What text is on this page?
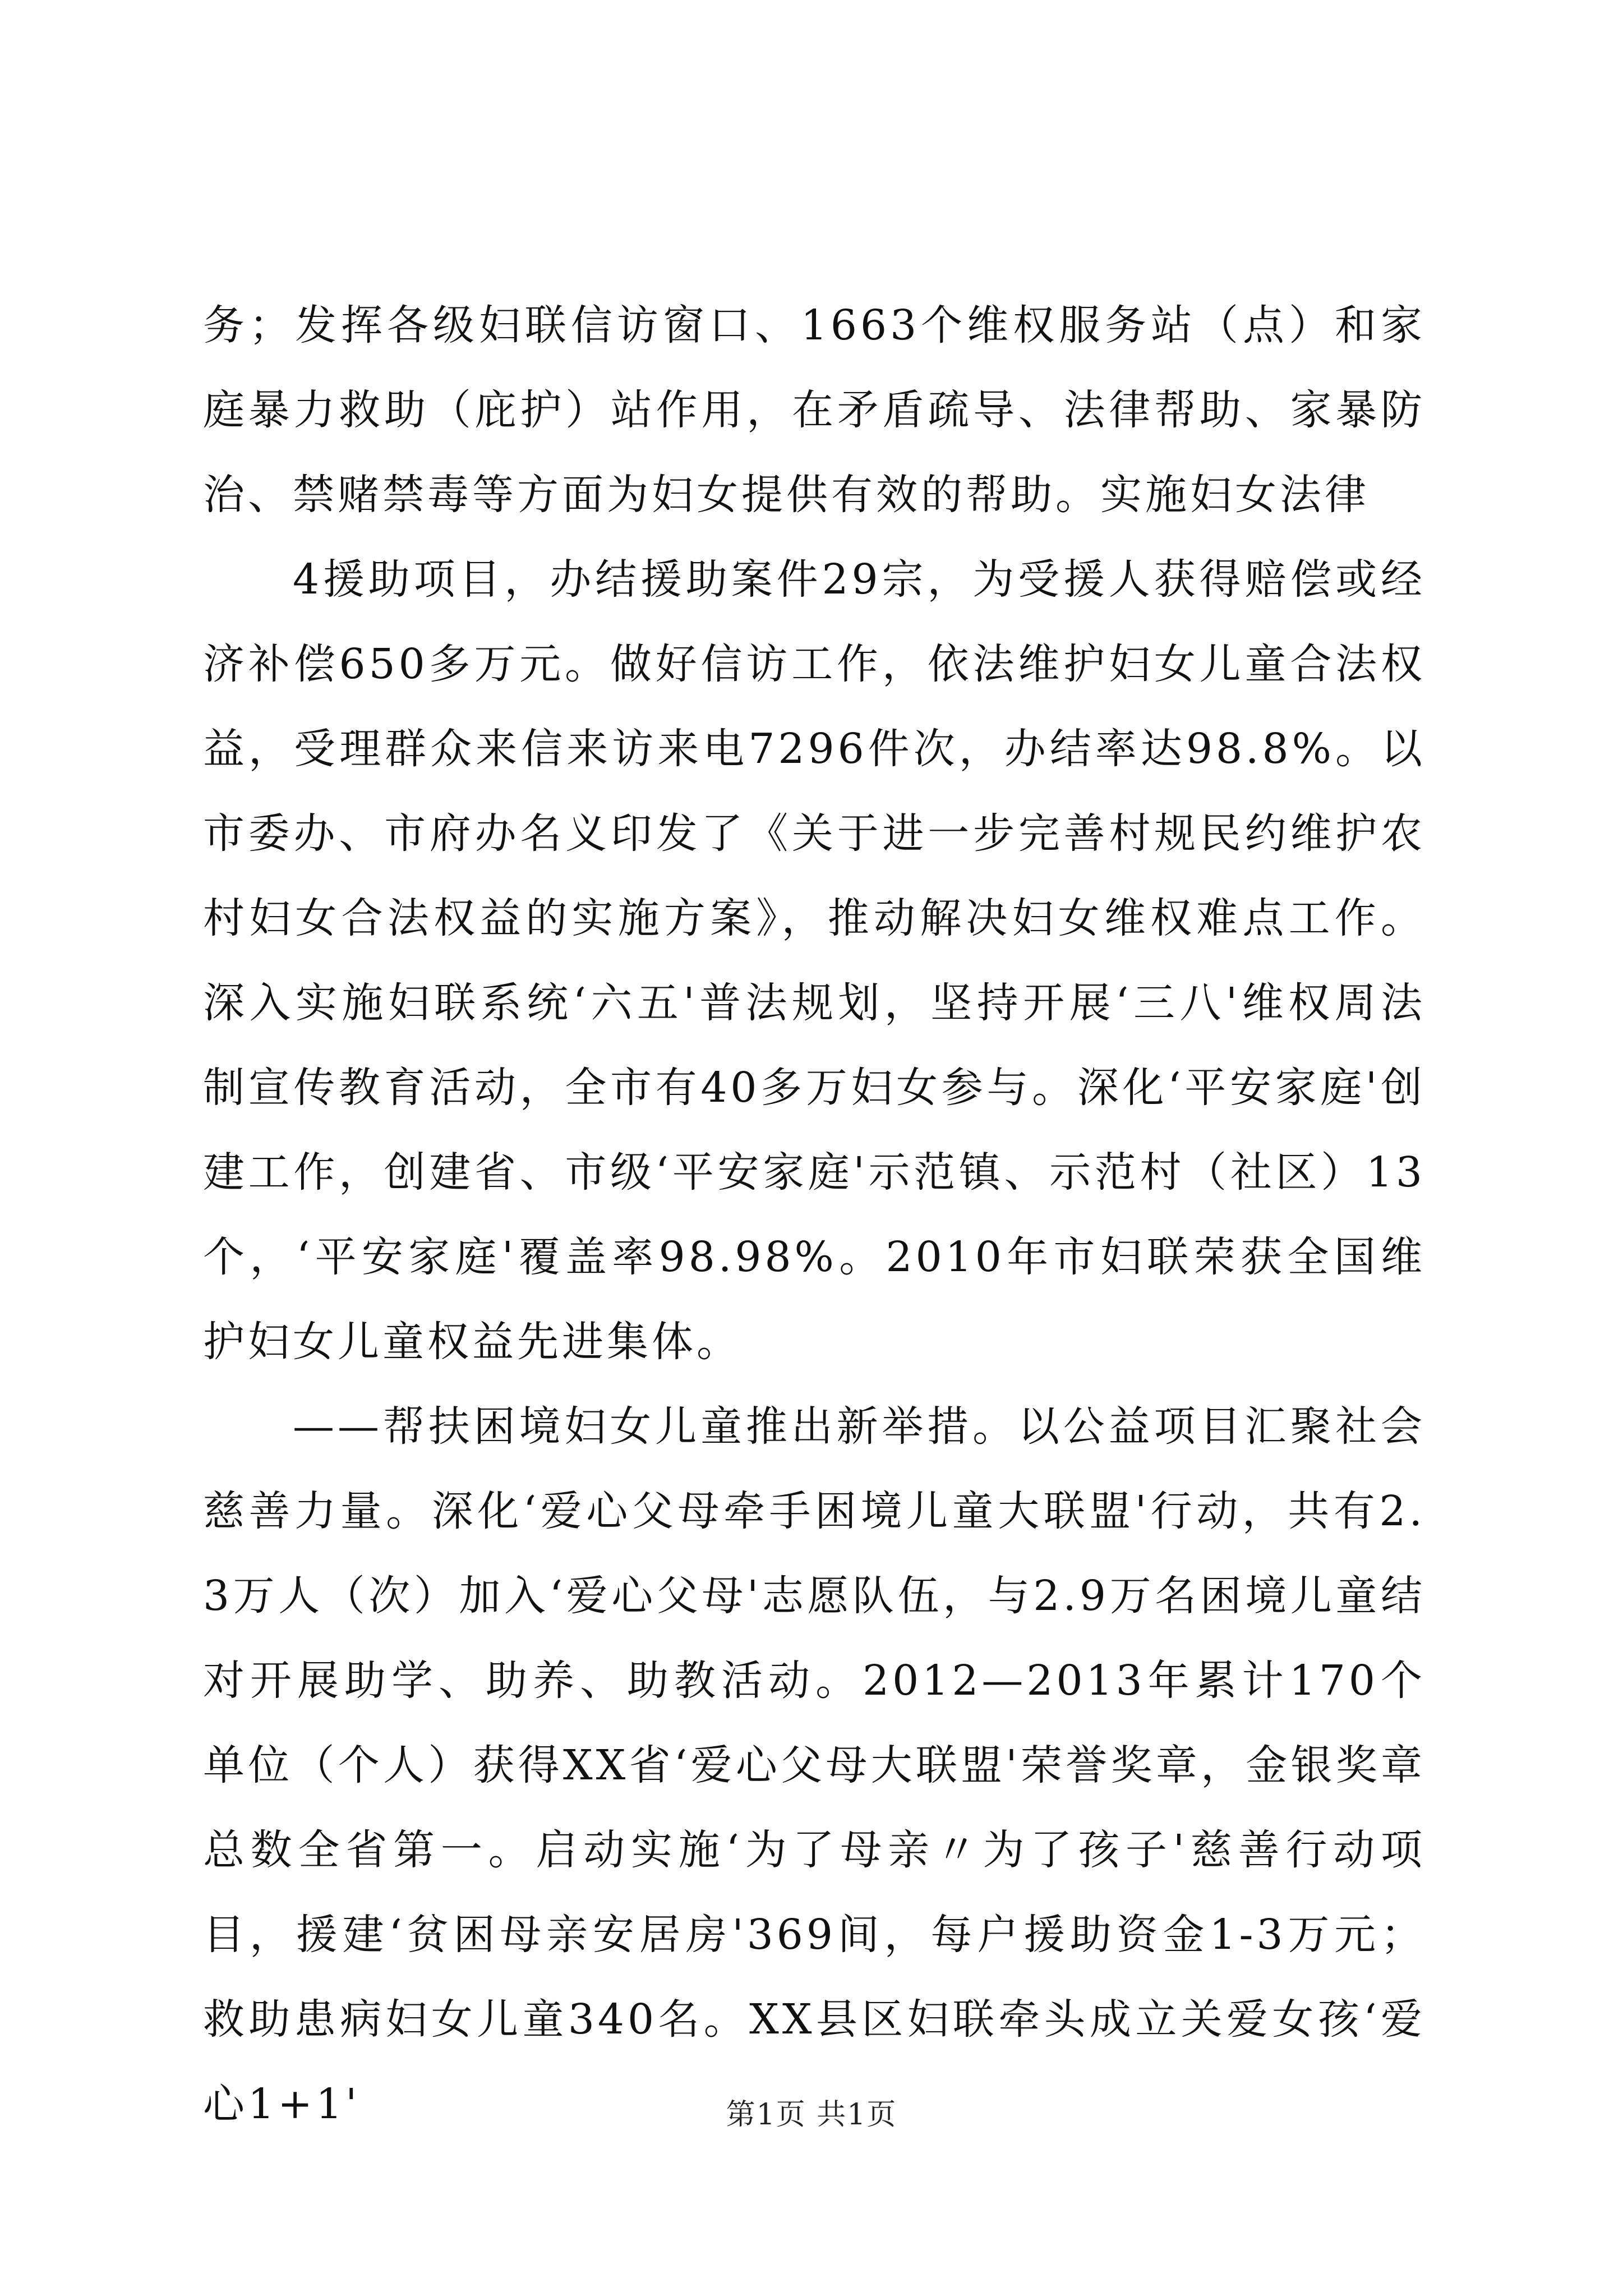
务；发挥各级妇联信访窗口、1663个维权服务站（点）和家庭暴力救助（庇护）站作用，在矛盾疏导、法律帮助、家暴防治、禁赌禁毒等方面为妇女提供有效的帮助。实施妇女法律

4援助项目，办结援助案件29宗，为受援人获得赔偿或经济补偿650多万元。做好信访工作，依法维护妇女儿童合法权益，受理群众来信来访来电7296件次，办结率达98.8%。以市委办、市府办名义印发了《关于进一步完善村规民约维护农村妇女合法权益的实施方案》，推动解决妇女维权难点工作。深入实施妇联系统‘六五'普法规划，坚持开展‘三八'维权周法制宣传教育活动，全市有40多万妇女参与。深化‘平安家庭'创建工作，创建省、市级‘平安家庭'示范镇、示范村（社区）13个，‘平安家庭'覆盖率98.98%。2010年市妇联荣获全国维护妇女儿童权益先进集体。

——帮扶困境妇女儿童推出新举措。以公益项目汇聚社会慈善力量。深化‘爱心父母牵手困境儿童大联盟'行动，共有2.3万人（次）加入‘爱心父母'志愿队伍，与2.9万名困境儿童结对开展助学、助养、助教活动。2012—2013年累计170个单位（个人）获得XX省‘爱心父母大联盟'荣誉奖章，金银奖章总数全省第一。启动实施‘为了母亲〃为了孩子'慈善行动项目，援建‘贫困母亲安居房'369间，每户援助资金1-3万元；救助患病妇女儿童340名。XX县区妇联牵头成立关爱女孩‘爱心1+1'	第1页 共1页
